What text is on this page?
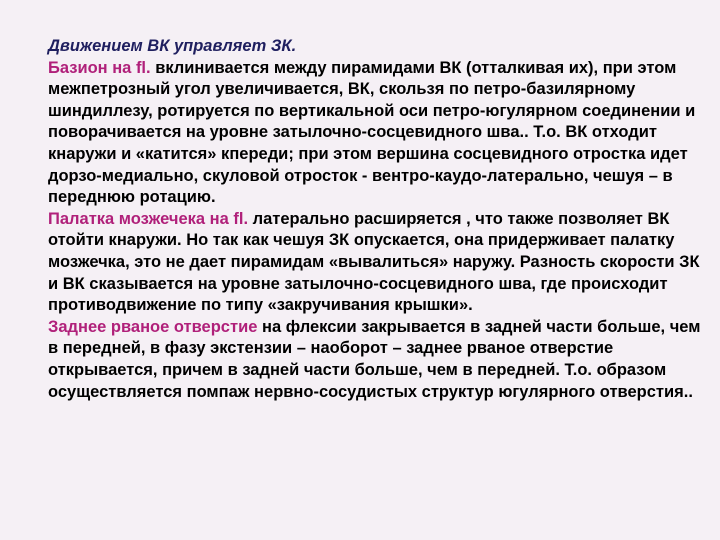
Движением ВК управляет ЗК.

Базион на fl. вклинивается между пирамидами ВК (отталкивая их), при этом межпетрозный угол увеличивается, ВК, скользя по петро-базилярному шиндиллезу, ротируется по вертикальной оси петро-югулярном соединении и поворачивается на уровне затылочно-сосцевидного шва.. Т.о. ВК отходит кнаружи и «катится» кпереди; при этом вершина сосцевидного отростка идет дорзо-медиально, скуловой отросток - вентро-каудо-латерально, чешуя – в переднюю ротацию.

Палатка мозжечека на fl. латерально расширяется , что также позволяет ВК отойти кнаружи. Но так как чешуя ЗК опускается, она придерживает палатку мозжечка, это не дает пирамидам «вывалиться» наружу. Разность скорости ЗК и ВК сказывается на уровне затылочно-сосцевидного шва, где происходит противодвижение по типу «закручивания крышки».

Заднее рваное отверстие на флексии закрывается в задней части больше, чем в передней, в фазу экстензии – наоборот – заднее рваное отверстие открывается, причем в задней части больше, чем в передней. Т.о. образом осуществляется помпаж нервно-сосудистых структур югулярного отверстия..
